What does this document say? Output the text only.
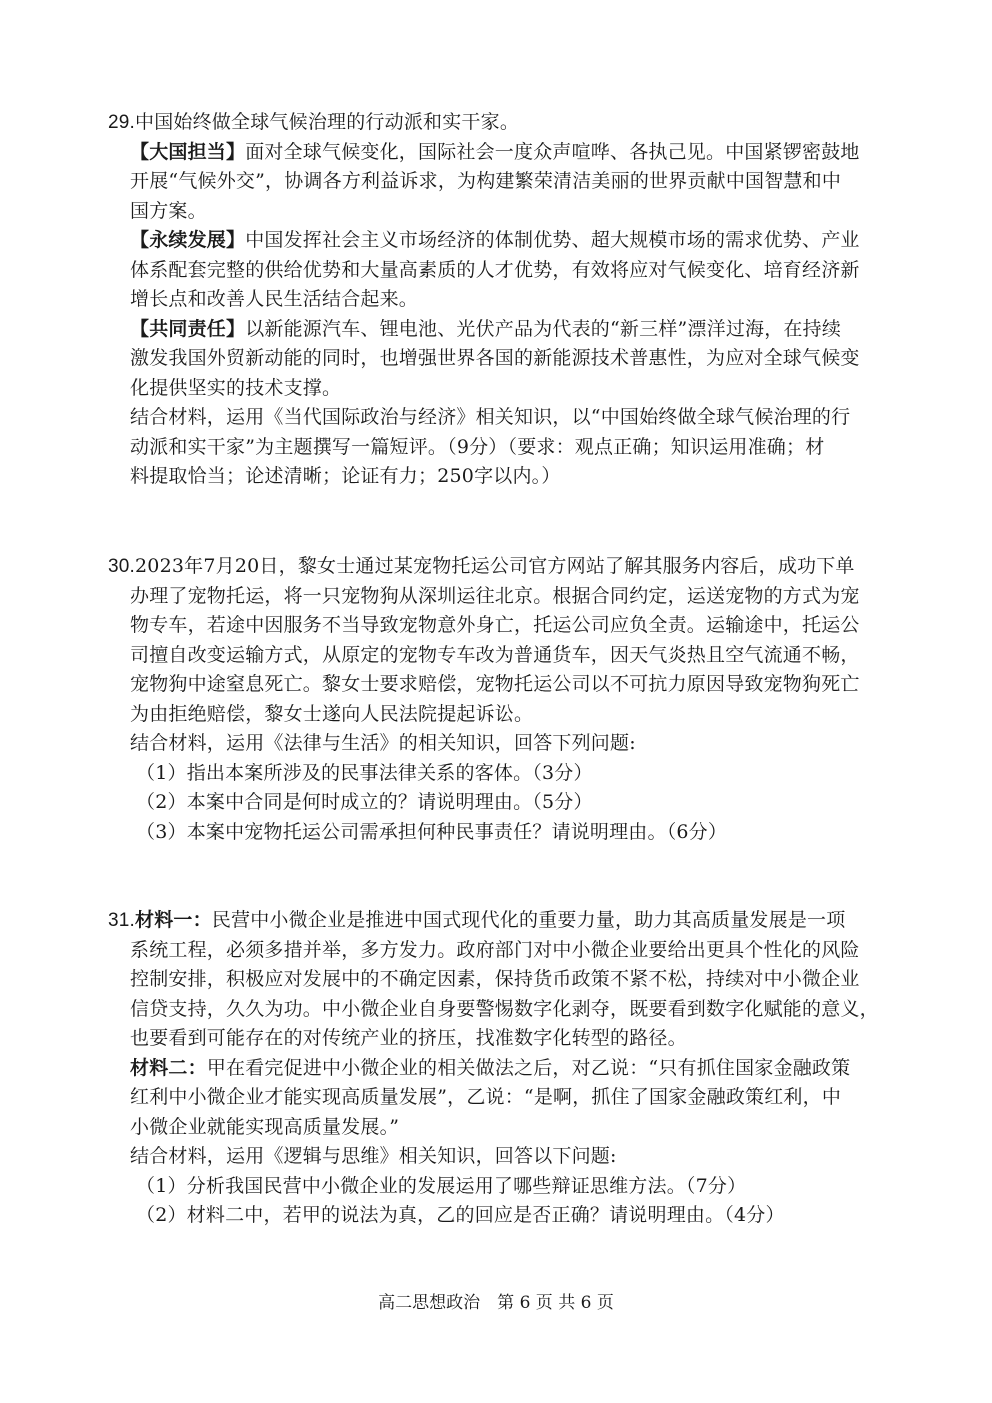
29.中国始终做全球气候治理的行动派和实干家。
【大国担当】面对全球气候变化，国际社会一度众声喧哗、各执己见。中国紧锣密鼓地
开展“气候外交”，协调各方利益诉求，为构建繁荣清洁美丽的世界贡献中国智慧和中
国方案。
【永续发展】中国发挥社会主义市场经济的体制优势、超大规模市场的需求优势、产业
体系配套完整的供给优势和大量高素质的人才优势，有效将应对气候变化、培育经济新
增长点和改善人民生活结合起来。
【共同责任】以新能源汽车、锂电池、光伏产品为代表的“新三样”漂洋过海，在持续
激发我国外贸新动能的同时，也增强世界各国的新能源技术普惠性，为应对全球气候变
化提供坚实的技术支撑。
结合材料，运用《当代国际政治与经济》相关知识，以“中国始终做全球气候治理的行
动派和实干家”为主题撰写一篇短评。（9分）（要求：观点正确；知识运用准确；材
料提取恰当；论述清晰；论证有力；250字以内。）
30.2023年7月20日，黎女士通过某宠物托运公司官方网站了解其服务内容后，成功下单
办理了宠物托运，将一只宠物狗从深圳运往北京。根据合同约定，运送宠物的方式为宠
物专车，若途中因服务不当导致宠物意外身亡，托运公司应负全责。运输途中，托运公
司擅自改变运输方式，从原定的宠物专车改为普通货车，因天气炎热且空气流通不畅，
宠物狗中途窒息死亡。黎女士要求赔偿，宠物托运公司以不可抗力原因导致宠物狗死亡
为由拒绝赔偿，黎女士遂向人民法院提起诉讼。
结合材料，运用《法律与生活》的相关知识，回答下列问题:
（1）指出本案所涉及的民事法律关系的客体。（3分）
（2）本案中合同是何时成立的？请说明理由。（5分）
（3）本案中宠物托运公司需承担何种民事责任？请说明理由。（6分）
31.材料一：民营中小微企业是推进中国式现代化的重要力量，助力其高质量发展是一项
系统工程，必须多措并举，多方发力。政府部门对中小微企业要给出更具个性化的风险
控制安排，积极应对发展中的不确定因素，保持货币政策不紧不松，持续对中小微企业
信贷支持，久久为功。中小微企业自身要警惕数字化剥夺，既要看到数字化赋能的意义，
也要看到可能存在的对传统产业的挤压，找准数字化转型的路径。
材料二：甲在看完促进中小微企业的相关做法之后，对乙说：“只有抓住国家金融政策
红利中小微企业才能实现高质量发展”，乙说：“是啊，抓住了国家金融政策红利，中
小微企业就能实现高质量发展。”
结合材料，运用《逻辑与思维》相关知识，回答以下问题:
（1）分析我国民营中小微企业的发展运用了哪些辩证思维方法。（7分）
（2）材料二中，若甲的说法为真，乙的回应是否正确？请说明理由。（4分）
高二思想政治　第 6 页 共 6 页
